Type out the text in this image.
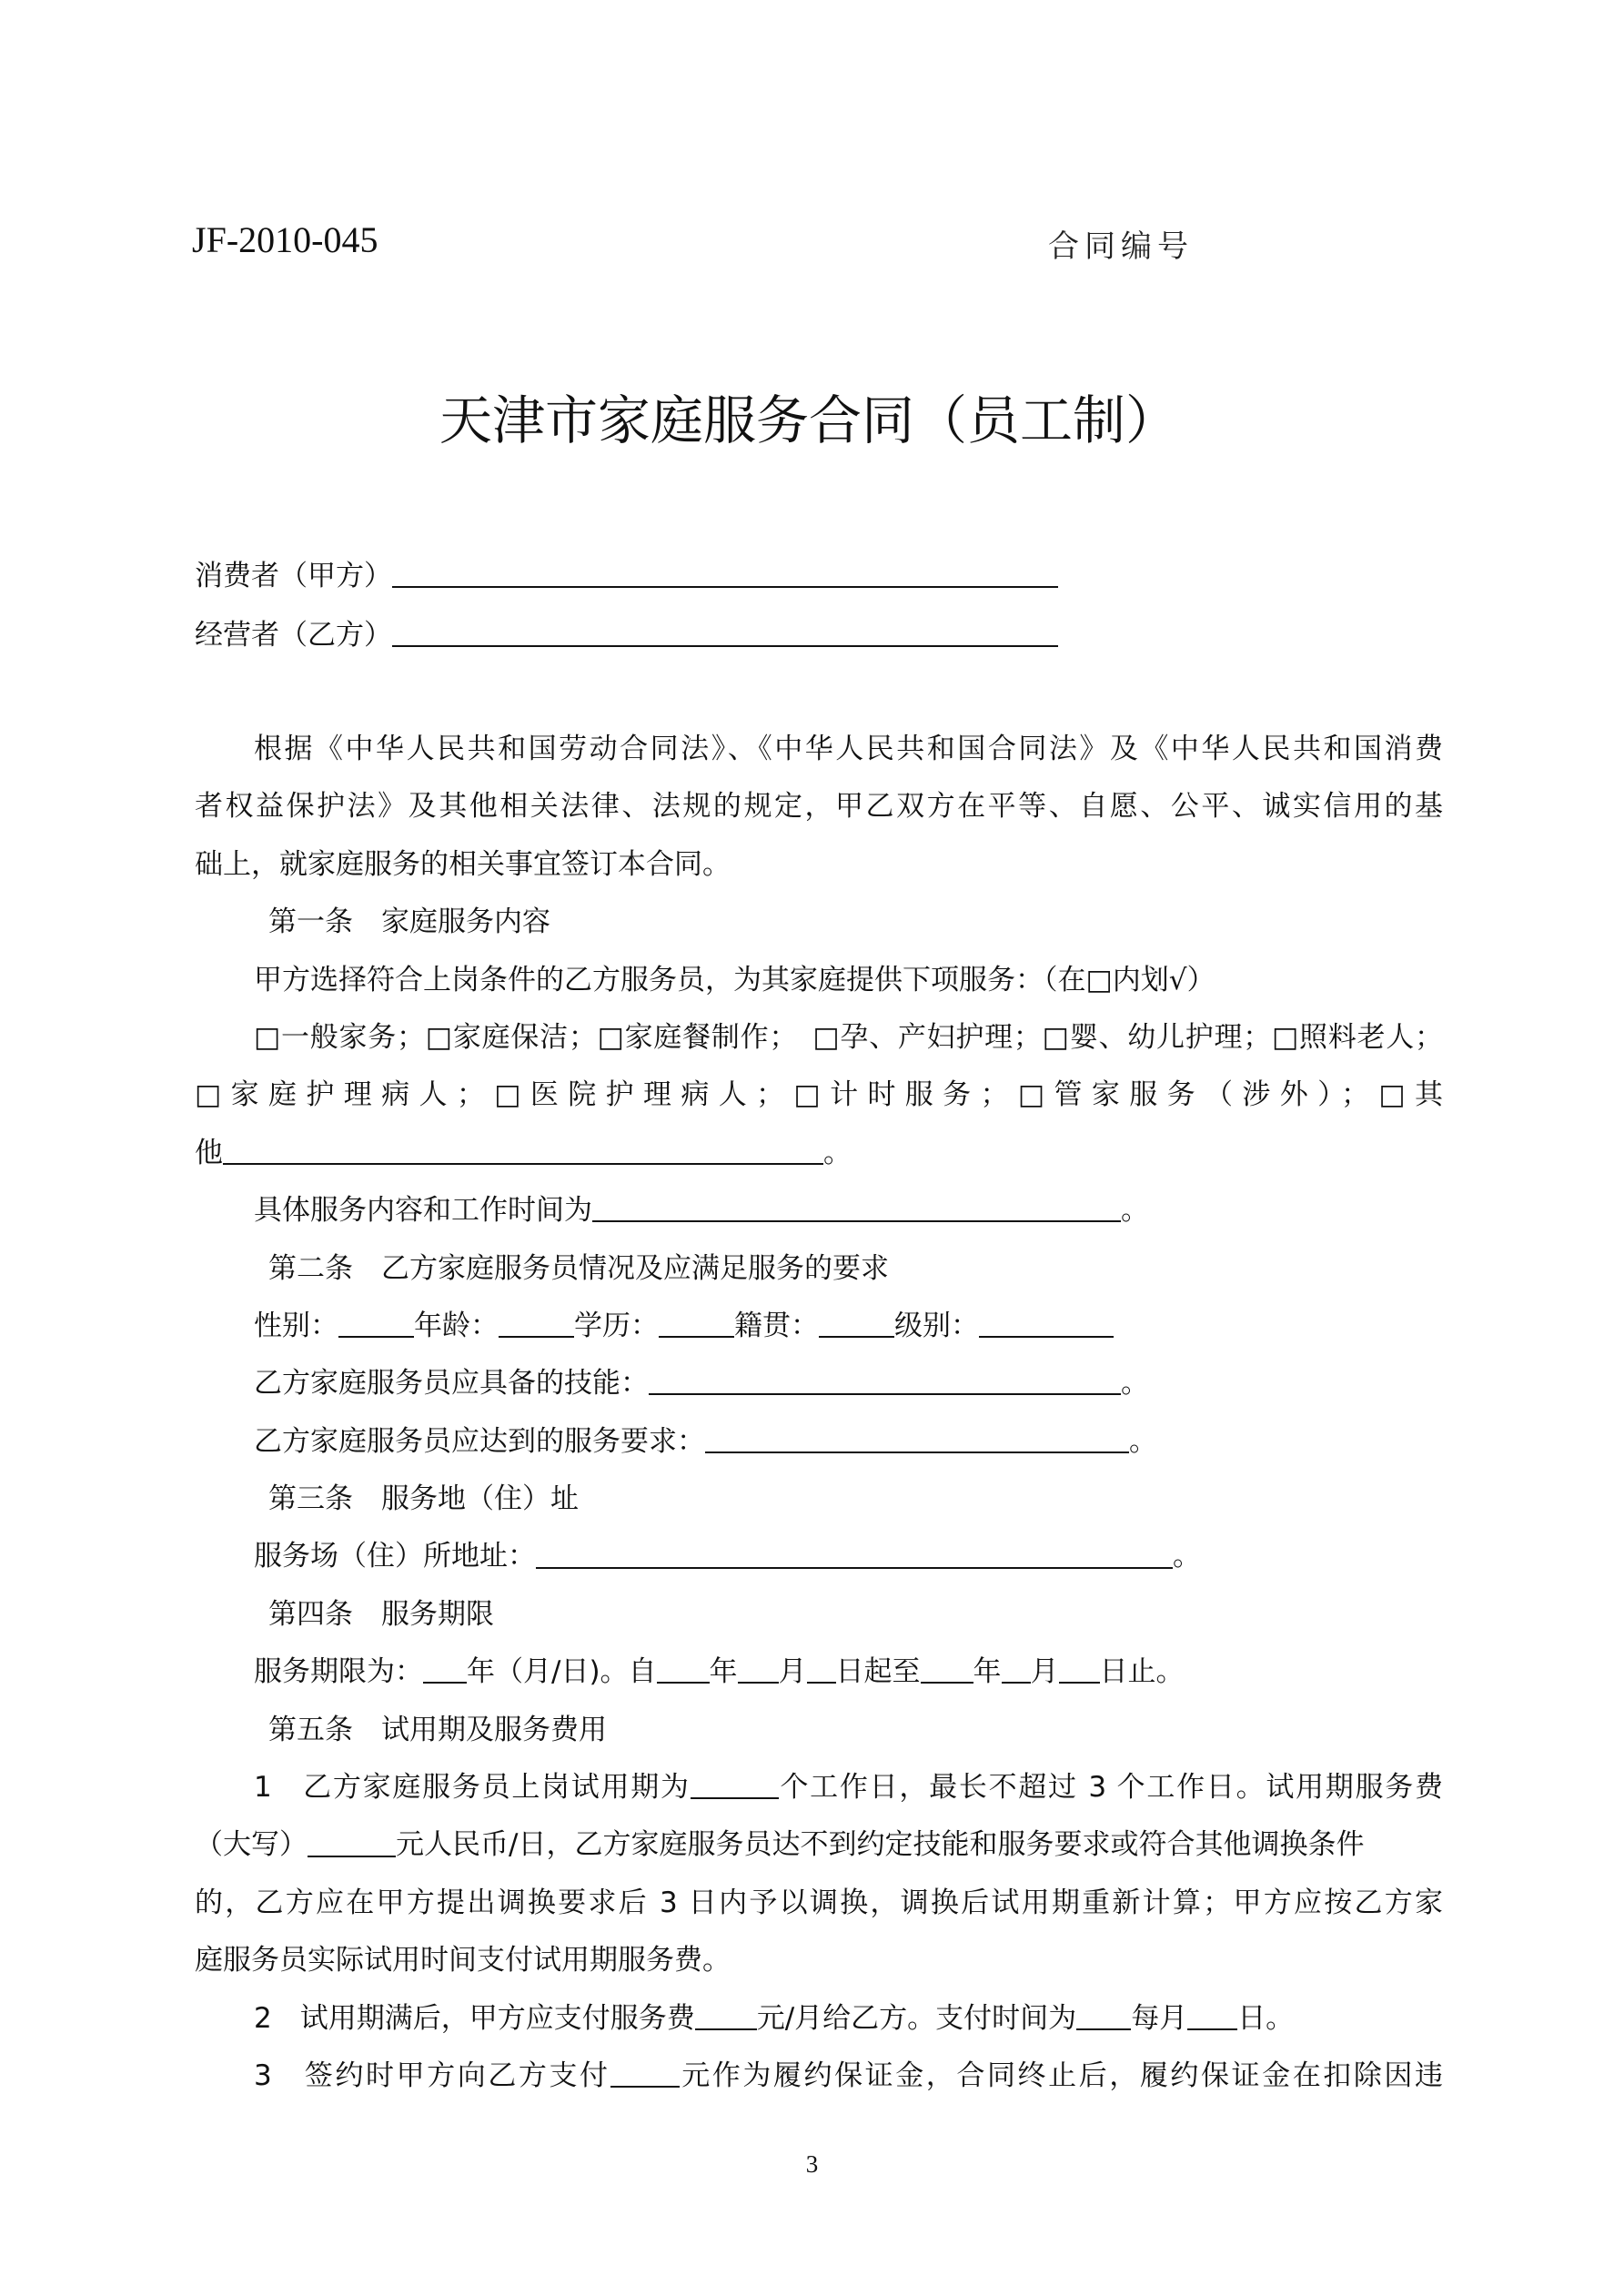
JF-2010-045	合同编号
天津市家庭服务合同（员工制）
消费者（甲方）
经营者（乙方）
根据《中华人民共和国劳动合同法》、《中华人民共和国合同法》及《中华人民共和国消费
者权益保护法》及其他相关法律、法规的规定，甲乙双方在平等、自愿、公平、诚实信用的基
础上，就家庭服务的相关事宜签订本合同。
第一条　家庭服务内容
甲方选择符合上岗条件的乙方服务员，为其家庭提供下项服务：（在□内划√）
□一般家务；□家庭保洁；□家庭餐制作；　□孕、产妇护理；□婴、幼儿护理；□照料老人；
□家庭护理病人；□医院护理病人；□计时服务；□管家服务（涉外）；□其
他	。
具体服务内容和工作时间为	。
第二条　乙方家庭服务员情况及应满足服务的要求
性别：	年龄：	学历：	籍贯：	级别：
乙方家庭服务员应具备的技能：	。
乙方家庭服务员应达到的服务要求：	。
第三条　服务地（住）址
服务场（住）所地址：	。
第四条　服务期限
服务期限为： 年（月/日)。自 年 月 日起至 年 月 日止。
第五条　试用期及服务费用
1　乙方家庭服务员上岗试用期为	个工作日，最长不超过 3 个工作日。试用期服务费
（大写）	元人民币/日，乙方家庭服务员达不到约定技能和服务要求或符合其他调换条件
的，乙方应在甲方提出调换要求后 3 日内予以调换，调换后试用期重新计算；甲方应按乙方家
庭服务员实际试用时间支付试用期服务费。
2　试用期满后，甲方应支付服务费 元/月给乙方。支付时间为 每月 日。
3　签约时甲方向乙方支付 元作为履约保证金，合同终止后，履约保证金在扣除因违
3
